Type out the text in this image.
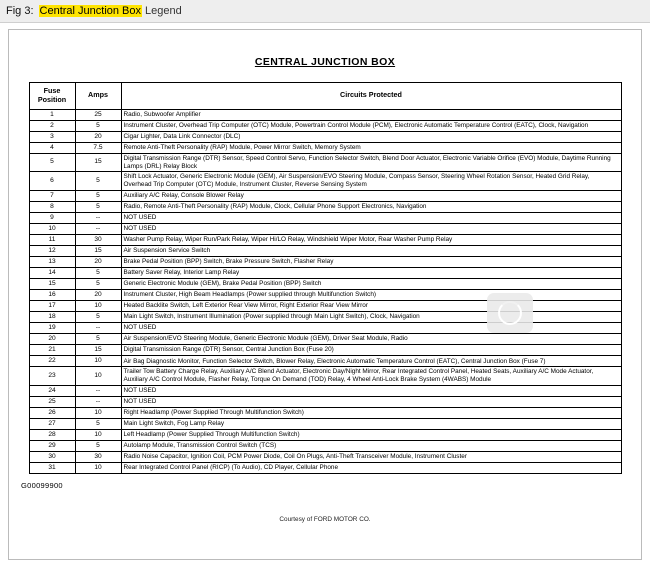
Fig 3: Central Junction Box Legend
CENTRAL JUNCTION BOX
Fuse
Position	Amps	Circuits Protected
1	25	Radio, Subwoofer Amplifier
2	5	Instrument Cluster, Overhead Trip Computer (OTC) Module, Powertrain Control Module (PCM), Electronic Automatic Temperature Control (EATC), Clock, Navigation
3	20	Cigar Lighter, Data Link Connector (DLC)
4	7.5	Remote Anti-Theft Personality (RAP) Module, Power Mirror Switch, Memory System
5	15	Digital Transmission Range (DTR) Sensor, Speed Control Servo, Function Selector Switch, Blend Door Actuator, Electronic Variable Orifice (EVO) Module, Daytime Running Lamps (DRL) Relay Block
6	5	Shift Lock Actuator, Generic Electronic Module (GEM), Air Suspension/EVO Steering Module, Compass Sensor, Steering Wheel Rotation Sensor, Heated Grid Relay, Overhead Trip Computer (OTC) Module, Instrument Cluster, Reverse Sensing System
7	5	Auxiliary A/C Relay, Console Blower Relay
8	5	Radio, Remote Anti-Theft Personality (RAP) Module, Clock, Cellular Phone Support Electronics, Navigation
9	--	NOT USED
10	--	NOT USED
11	30	Washer Pump Relay, Wiper Run/Park Relay, Wiper Hi/LO Relay, Windshield Wiper Motor, Rear Washer Pump Relay
12	15	Air Suspension Service Switch
13	20	Brake Pedal Position (BPP) Switch, Brake Pressure Switch, Flasher Relay
14	5	Battery Saver Relay, Interior Lamp Relay
15	5	Generic Electronic Module (GEM), Brake Pedal Position (BPP) Switch
16	20	Instrument Cluster, High Beam Headlamps (Power supplied through Multifunction Switch)
17	10	Heated Backlite Switch, Left Exterior Rear View Mirror, Right Exterior Rear View Mirror
18	5	Main Light Switch, Instrument Illumination (Power supplied through Main Light Switch), Clock, Navigation
19	--	NOT USED
20	5	Air Suspension/EVO Steering Module, Generic Electronic Module (GEM), Driver Seat Module, Radio
21	15	Digital Transmission Range (DTR) Sensor, Central Junction Box (Fuse 20)
22	10	Air Bag Diagnostic Monitor, Function Selector Switch, Blower Relay, Electronic Automatic Temperature Control (EATC), Central Junction Box (Fuse 7)
23	10	Trailer Tow Battery Charge Relay, Auxiliary A/C Blend Actuator, Electronic Day/Night Mirror, Rear Integrated Control Panel, Heated Seats, Auxiliary A/C Mode Actuator, Auxiliary A/C Control Module, Flasher Relay, Torque On Demand (TOD) Relay, 4 Wheel Anti-Lock Brake System (4WABS) Module
24	--	NOT USED
25	--	NOT USED
26	10	Right Headlamp (Power Supplied Through Multifunction Switch)
27	5	Main Light Switch, Fog Lamp Relay
28	10	Left Headlamp (Power Supplied Through Multifunction Switch)
29	5	Autolamp Module, Transmission Control Switch (TCS)
30	30	Radio Noise Capacitor, Ignition Coil, PCM Power Diode, Coil On Plugs, Anti-Theft Transceiver Module, Instrument Cluster
31	10	Rear Integrated Control Panel (RICP) (To Audio), CD Player, Cellular Phone
G00099900
Courtesy of FORD MOTOR CO.
